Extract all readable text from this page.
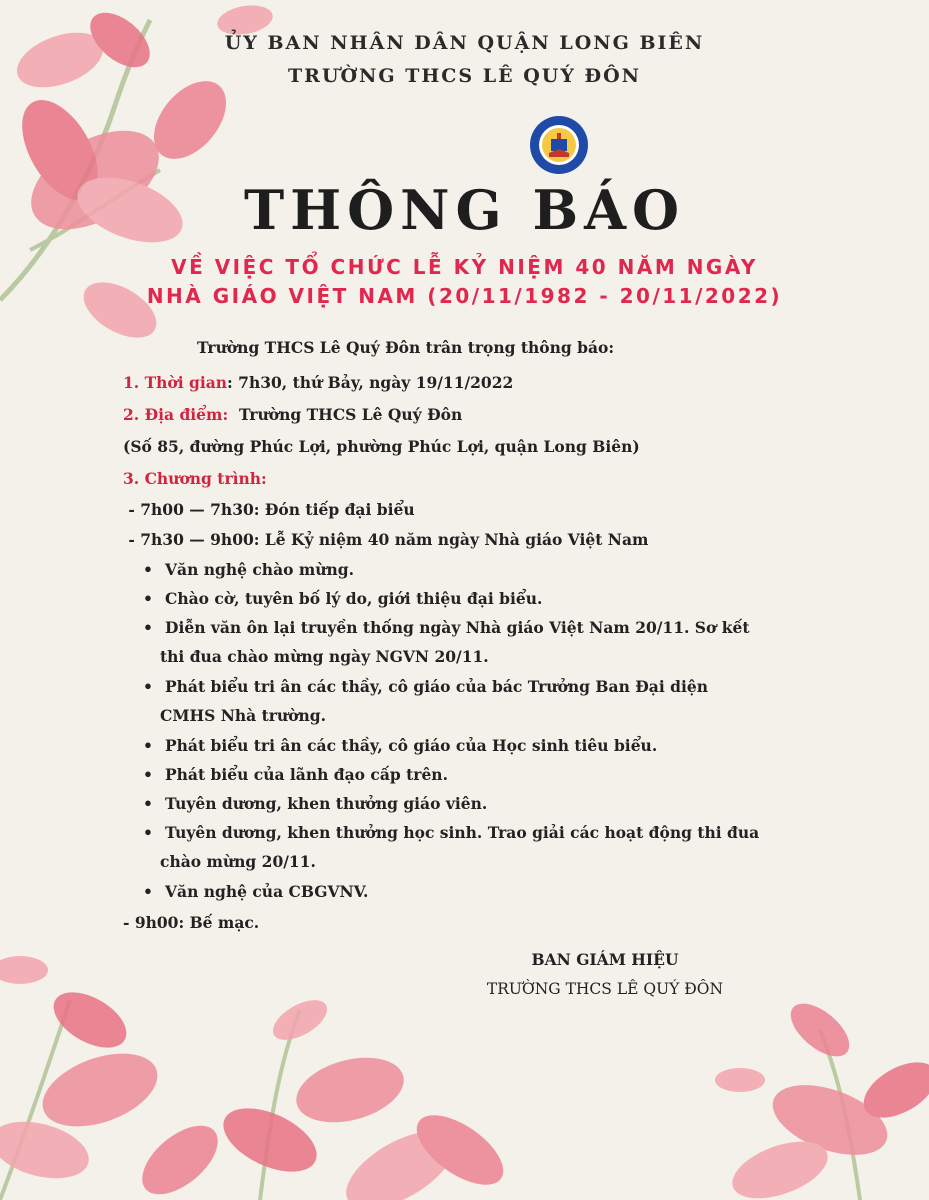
ỦY BAN NHÂN DÂN QUẬN LONG BIÊN
TRƯỜNG THCS LÊ QUÝ ĐÔN
THÔNG BÁO
VỀ VIỆC TỔ CHỨC LỄ KỶ NIỆM 40 NĂM NGÀY
NHÀ GIÁO VIỆT NAM (20/11/1982 - 20/11/2022)
Trường THCS Lê Quý Đôn trân trọng thông báo:
1. Thời gian: 7h30, thứ Bảy, ngày 19/11/2022
2. Địa điểm:  Trường THCS Lê Quý Đôn
(Số 85, đường Phúc Lợi, phường Phúc Lợi, quận Long Biên)
3. Chương trình:
- 7h00 — 7h30: Đón tiếp đại biểu
- 7h30 — 9h00: Lễ Kỷ niệm 40 năm ngày Nhà giáo Việt Nam
• Văn nghệ chào mừng.
• Chào cờ, tuyên bố lý do, giới thiệu đại biểu.
• Diễn văn ôn lại truyền thống ngày Nhà giáo Việt Nam 20/11. Sơ kết
thi đua chào mừng ngày NGVN 20/11.
• Phát biểu tri ân các thầy, cô giáo của bác Trưởng Ban Đại diện
CMHS Nhà trường.
• Phát biểu tri ân các thầy, cô giáo của Học sinh tiêu biểu.
• Phát biểu của lãnh đạo cấp trên.
• Tuyên dương, khen thưởng giáo viên.
• Tuyên dương, khen thưởng học sinh. Trao giải các hoạt động thi đua
chào mừng 20/11.
• Văn nghệ của CBGVNV.
- 9h00: Bế mạc.
BAN GIÁM HIỆU
TRƯỜNG THCS LÊ QUÝ ĐÔN
